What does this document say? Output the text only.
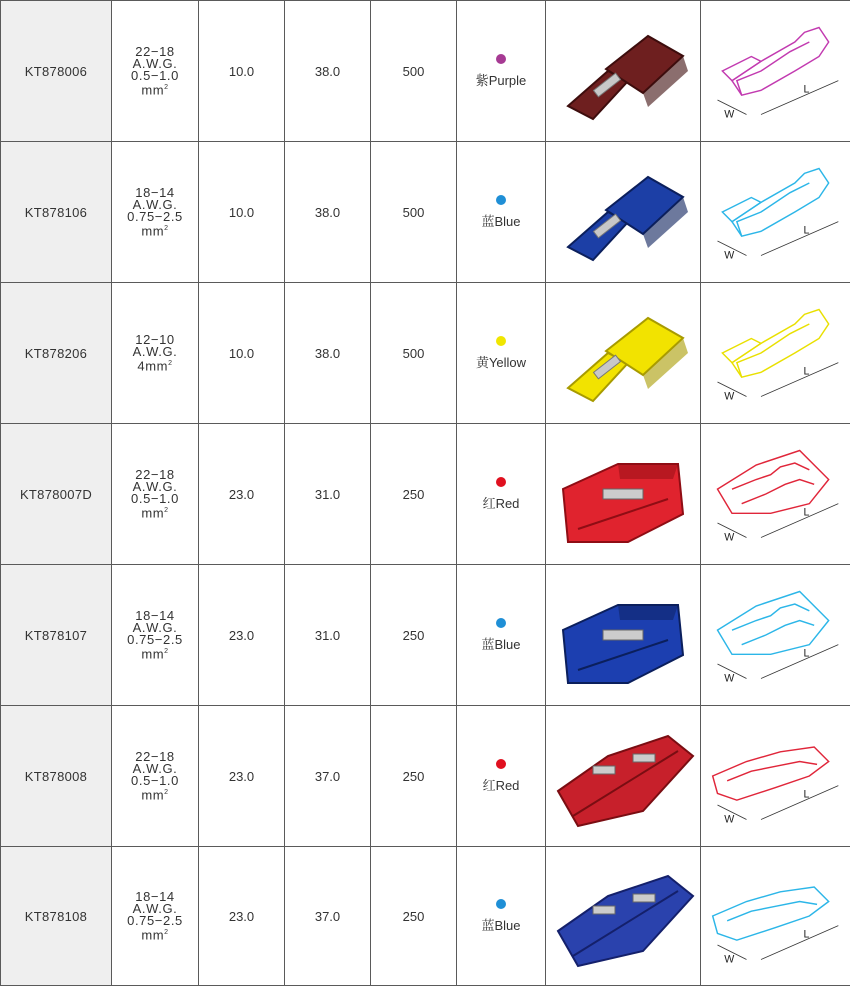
KT878006	22−18
A.W.G.
0.5−1.0
$mm^2$	10.0	38.0	500	紫Purple		L
W

KT878106	18−14
A.W.G.
0.75−2.5
$mm^2$	10.0	38.0	500	蓝Blue		L
W

KT878206	12−10
A.W.G.
$4mm^2$	10.0	38.0	500	黄Yellow		L
W

KT878007D	22−18
A.W.G.
0.5−1.0
$mm^2$	23.0	31.0	250	红Red		L
W

KT878107	18−14
A.W.G.
0.75−2.5
$mm^2$	23.0	31.0	250	蓝Blue		L
W

KT878008	22−18
A.W.G.
0.5−1.0
$mm^2$	23.0	37.0	250	红Red		L
W

KT878108	18−14
A.W.G.
0.75−2.5
$mm^2$	23.0	37.0	250	蓝Blue		L
W
